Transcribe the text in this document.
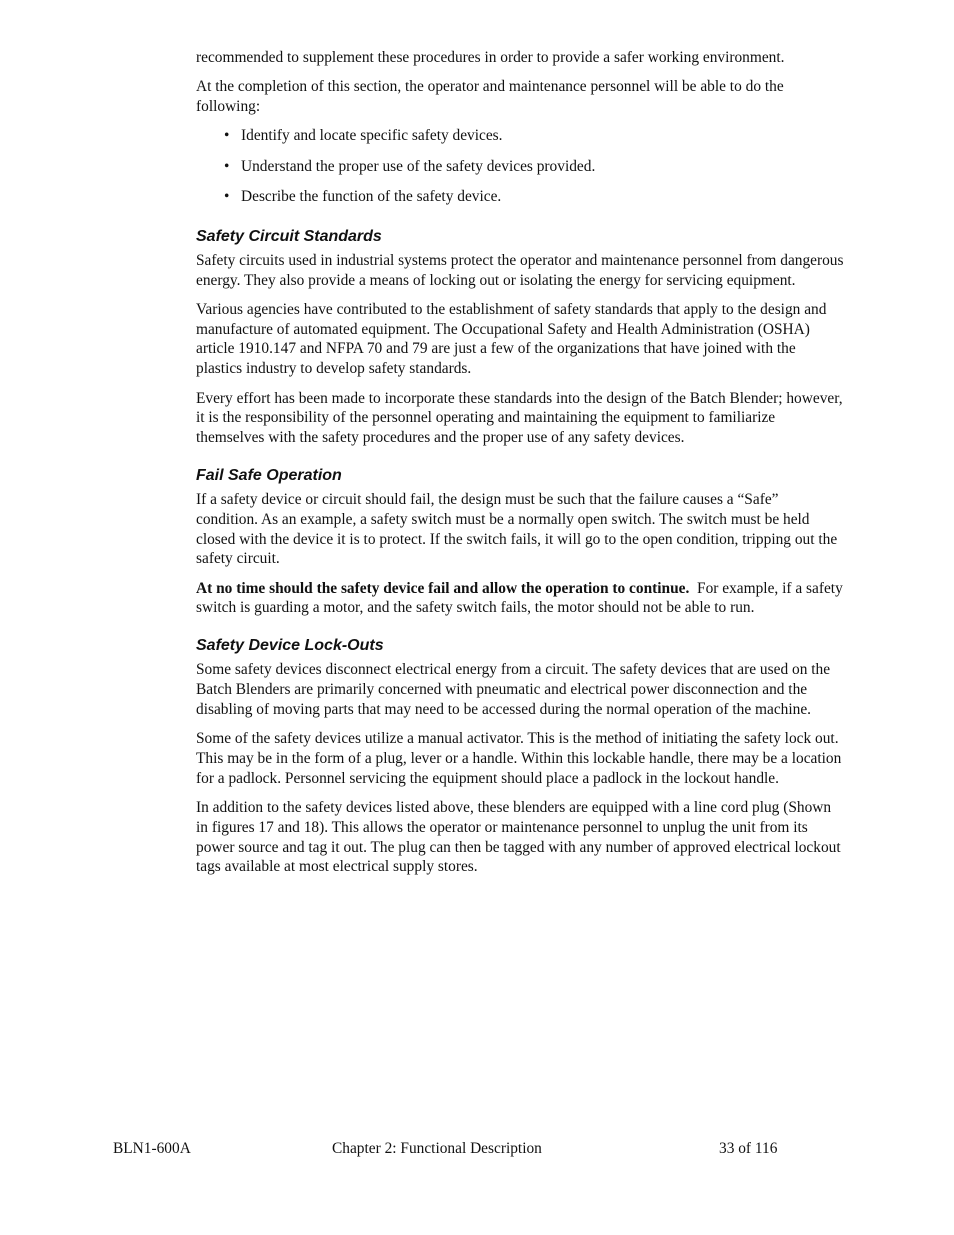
recommended to supplement these procedures in order to provide a safer working environment.

At the completion of this section, the operator and maintenance personnel will be able to do the following:

• Identify and locate specific safety devices.
• Understand the proper use of the safety devices provided.
• Describe the function of the safety device.
Safety Circuit Standards

Safety circuits used in industrial systems protect the operator and maintenance personnel from dangerous energy. They also provide a means of locking out or isolating the energy for servicing equipment.

Various agencies have contributed to the establishment of safety standards that apply to the design and manufacture of automated equipment. The Occupational Safety and Health Administration (OSHA) article 1910.147 and NFPA 70 and 79 are just a few of the organizations that have joined with the plastics industry to develop safety standards.

Every effort has been made to incorporate these standards into the design of the Batch Blender; however, it is the responsibility of the personnel operating and maintaining the equipment to familiarize themselves with the safety procedures and the proper use of any safety devices.

Fail Safe Operation

If a safety device or circuit should fail, the design must be such that the failure causes a “Safe” condition. As an example, a safety switch must be a normally open switch. The switch must be held closed with the device it is to protect. If the switch fails, it will go to the open condition, tripping out the safety circuit.

At no time should the safety device fail and allow the operation to continue. For example, if a safety switch is guarding a motor, and the safety switch fails, the motor should not be able to run.

Safety Device Lock-Outs

Some safety devices disconnect electrical energy from a circuit. The safety devices that are used on the Batch Blenders are primarily concerned with pneumatic and electrical power disconnection and the disabling of moving parts that may need to be accessed during the normal operation of the machine.

Some of the safety devices utilize a manual activator. This is the method of initiating the safety lock out. This may be in the form of a plug, lever or a handle. Within this lockable handle, there may be a location for a padlock. Personnel servicing the equipment should place a padlock in the lockout handle.

In addition to the safety devices listed above, these blenders are equipped with a line cord plug (Shown in figures 17 and 18). This allows the operator or maintenance personnel to unplug the unit from its power source and tag it out. The plug can then be tagged with any number of approved electrical lockout tags available at most electrical supply stores.

BLN1-600A	Chapter 2: Functional Description	33 of 116
